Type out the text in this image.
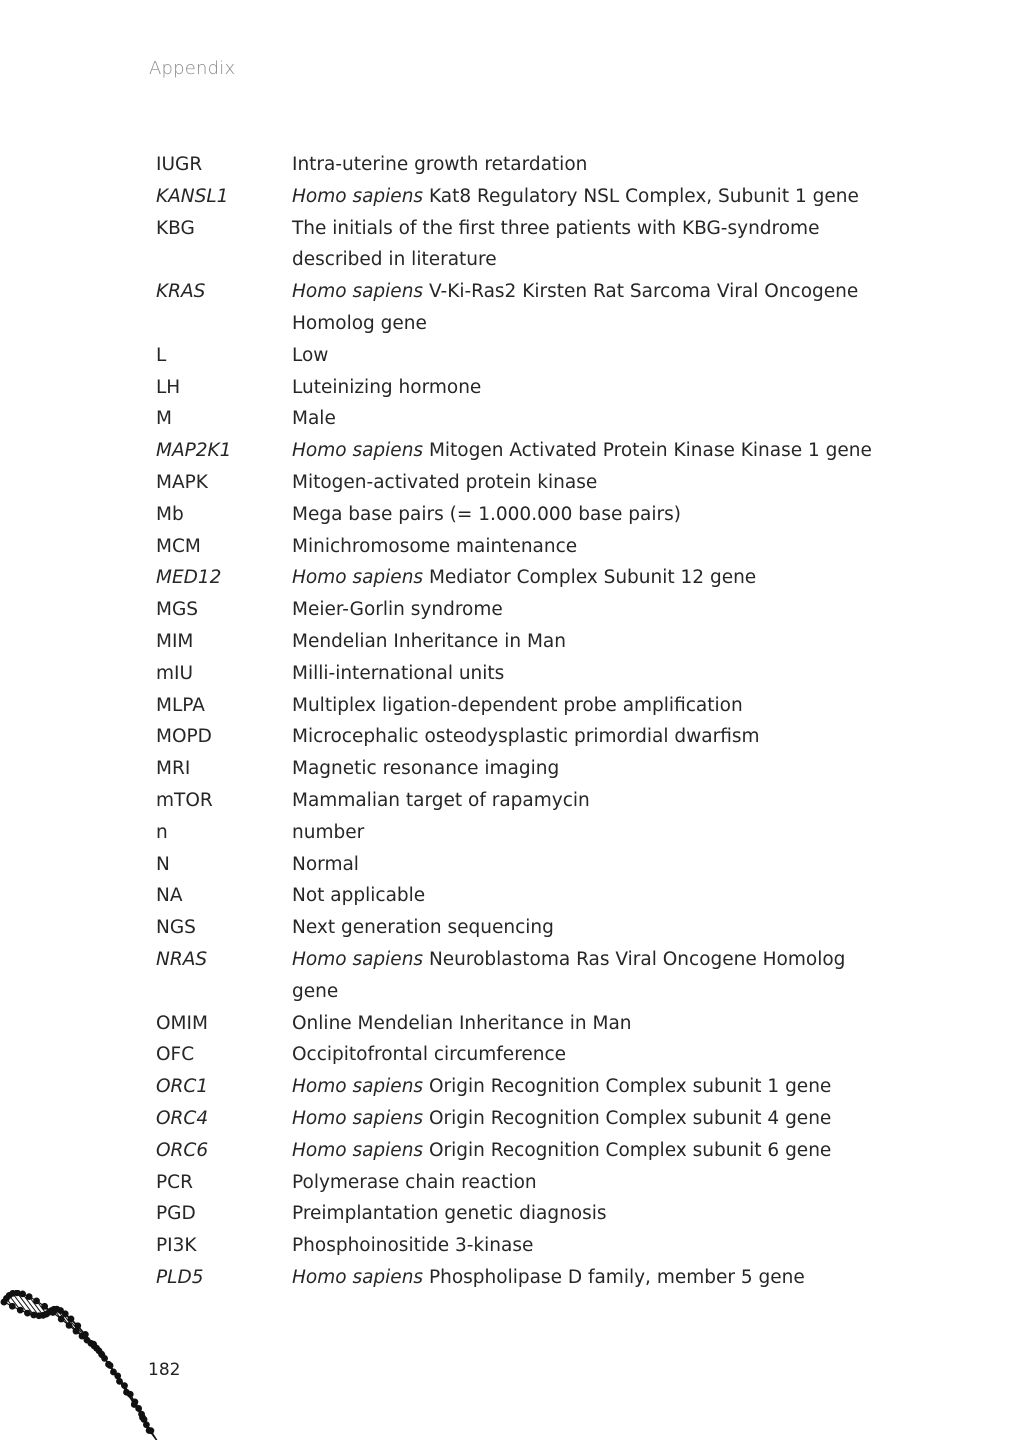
Appendix
IUGR	Intra-uterine growth retardation
KANSL1	Homo sapiens Kat8 Regulatory NSL Complex, Subunit 1 gene
KBG	The initials of the first three patients with KBG-syndrome described in literature
KRAS	Homo sapiens V-Ki-Ras2 Kirsten Rat Sarcoma Viral Oncogene Homolog gene
L	Low
LH	Luteinizing hormone
M	Male
MAP2K1	Homo sapiens Mitogen Activated Protein Kinase Kinase 1 gene
MAPK	Mitogen-activated protein kinase
Mb	Mega base pairs (= 1.000.000 base pairs)
MCM	Minichromosome maintenance
MED12	Homo sapiens Mediator Complex Subunit 12 gene
MGS	Meier-Gorlin syndrome
MIM	Mendelian Inheritance in Man
mIU	Milli-international units
MLPA	Multiplex ligation-dependent probe amplification
MOPD	Microcephalic osteodysplastic primordial dwarfism
MRI	Magnetic resonance imaging
mTOR	Mammalian target of rapamycin
n	number
N	Normal
NA	Not applicable
NGS	Next generation sequencing
NRAS	Homo sapiens Neuroblastoma Ras Viral Oncogene Homolog gene
OMIM	Online Mendelian Inheritance in Man
OFC	Occipitofrontal circumference
ORC1	Homo sapiens Origin Recognition Complex subunit 1 gene
ORC4	Homo sapiens Origin Recognition Complex subunit 4 gene
ORC6	Homo sapiens Origin Recognition Complex subunit 6 gene
PCR	Polymerase chain reaction
PGD	Preimplantation genetic diagnosis
PI3K	Phosphoinositide 3-kinase
PLD5	Homo sapiens Phospholipase D family, member 5 gene
182
